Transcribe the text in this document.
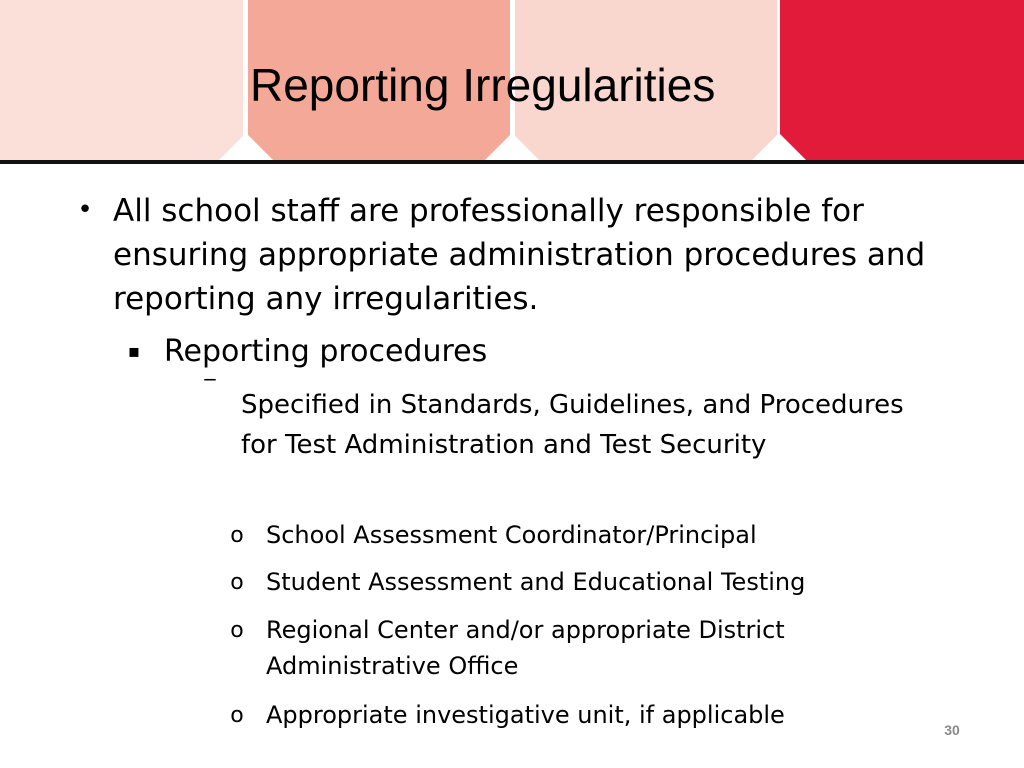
Reporting Irregularities
• All school staff are professionally responsible for ensuring appropriate administration procedures and reporting any irregularities.
▪ Reporting procedures
‾
Specified in Standards, Guidelines, and Procedures for Test Administration and Test Security
o School Assessment Coordinator/Principal
o Student Assessment and Educational Testing
o Regional Center and/or appropriate District Administrative Office
o Appropriate investigative unit, if applicable
30
